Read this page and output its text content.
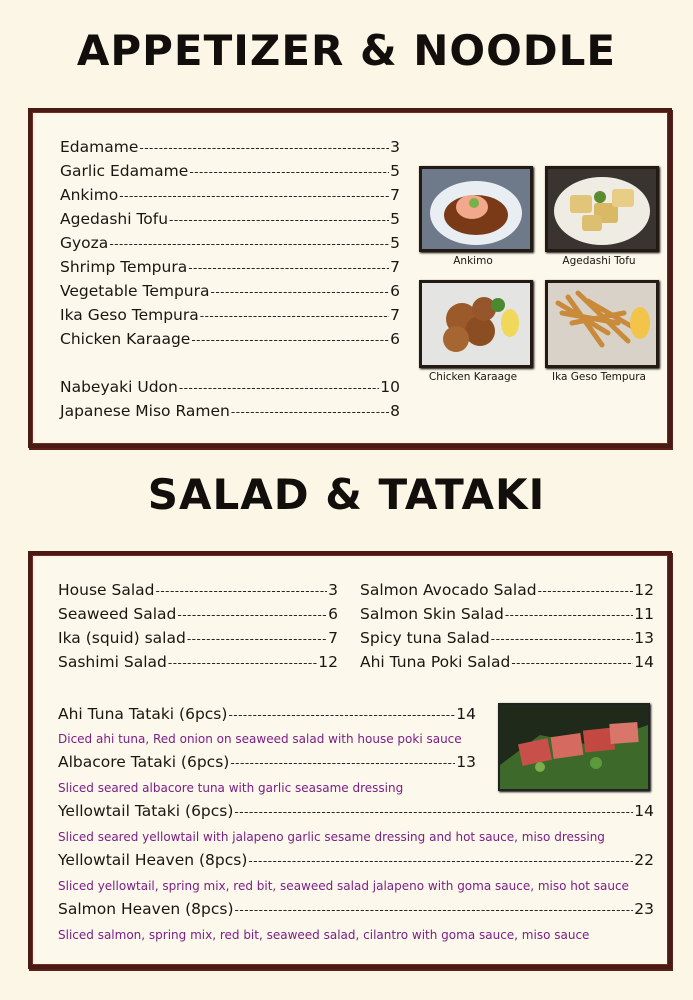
APPETIZER & NOODLE
Edamame -----	3
Garlic Edamame -----	5
Ankimo -----	7
Agedashi Tofu -----	5
Gyoza -----	5
Shrimp Tempura -----	7
Vegetable Tempura -----	6
Ika Geso Tempura -----	7
Chicken Karaage -----	6
Nabeyaki Udon -----	10
Japanese Miso Ramen -----	8
Ankimo	Agedashi Tofu
Chicken Karaage	Ika Geso Tempura
SALAD & TATAKI
House Salad -----	3
Seaweed Salad -----	6
Ika (squid) salad -----	7
Sashimi Salad -----	12
Salmon Avocado Salad -----	12
Salmon Skin Salad -----	11
Spicy tuna Salad -----	13
Ahi Tuna Poki Salad -----	14
Ahi Tuna Tataki (6pcs) -----	14
Diced ahi tuna, Red onion on seaweed salad with house poki sauce
Albacore Tataki (6pcs) -----	13
Sliced seared albacore tuna with garlic seasame dressing
Yellowtail Tataki (6pcs) -----	14
Sliced seared yellowtail with jalapeno garlic sesame dressing and hot sauce, miso dressing
Yellowtail Heaven (8pcs) -----	22
Sliced yellowtail, spring mix, red bit, seaweed salad jalapeno with goma sauce, miso hot sauce
Salmon Heaven (8pcs) -----	23
Sliced salmon, spring mix, red bit, seaweed salad, cilantro with goma sauce, miso sauce
